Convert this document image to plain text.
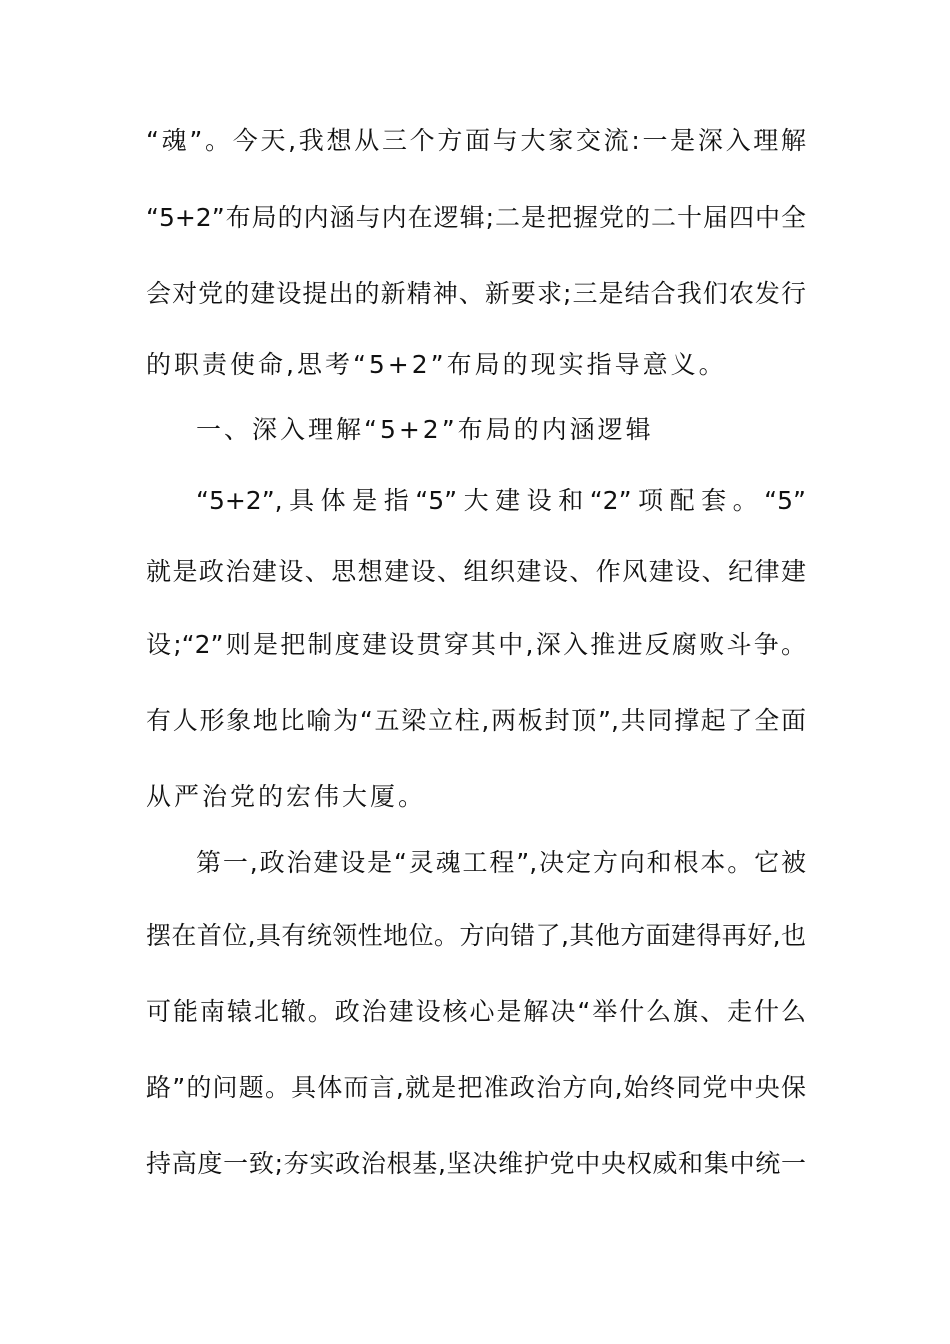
“魂”。今天,我想从三个方面与大家交流:一是深入理解
“5+2”布局的内涵与内在逻辑;二是把握党的二十届四中全
会对党的建设提出的新精神、新要求;三是结合我们农发行
的职责使命,思考“5+2”布局的现实指导意义。
一、深入理解“5+2”布局的内涵逻辑
“5+2”,具体是指“5”大建设和“2”项配套。“5”
就是政治建设、思想建设、组织建设、作风建设、纪律建
设;“2”则是把制度建设贯穿其中,深入推进反腐败斗争。
有人形象地比喻为“五梁立柱,两板封顶”,共同撑起了全面
从严治党的宏伟大厦。
第一,政治建设是“灵魂工程”,决定方向和根本。它被
摆在首位,具有统领性地位。方向错了,其他方面建得再好,也
可能南辕北辙。政治建设核心是解决“举什么旗、走什么
路”的问题。具体而言,就是把准政治方向,始终同党中央保
持高度一致;夯实政治根基,坚决维护党中央权威和集中统一
